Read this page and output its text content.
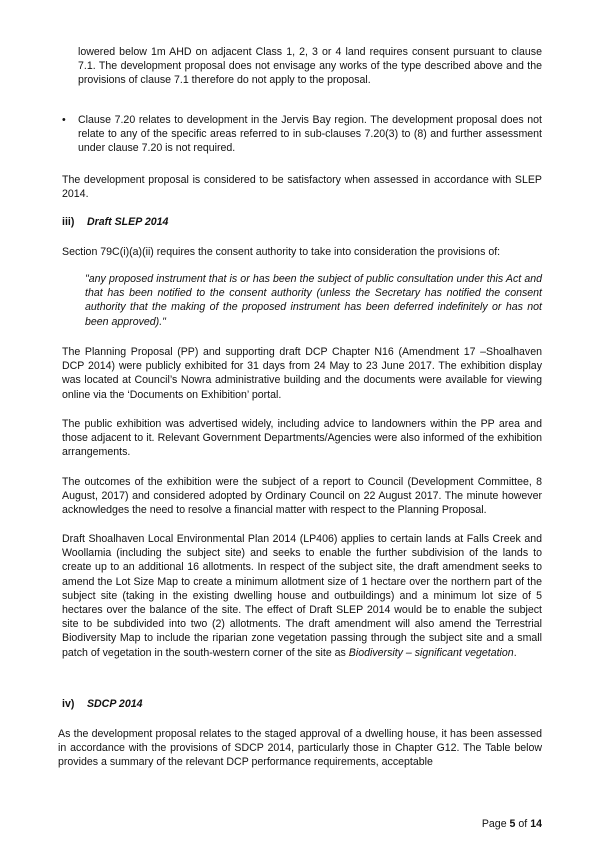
lowered below 1m AHD on adjacent Class 1, 2, 3 or 4 land requires consent pursuant to clause 7.1. The development proposal does not envisage any works of the type described above and the provisions of clause 7.1 therefore do not apply to the proposal.
•	Clause 7.20 relates to development in the Jervis Bay region. The development proposal does not relate to any of the specific areas referred to in sub-clauses 7.20(3) to (8) and further assessment under clause 7.20 is not required.
The development proposal is considered to be satisfactory when assessed in accordance with SLEP 2014.
iii) Draft SLEP 2014
Section 79C(i)(a)(ii) requires the consent authority to take into consideration the provisions of:
"any proposed instrument that is or has been the subject of public consultation under this Act and that has been notified to the consent authority (unless the Secretary has notified the consent authority that the making of the proposed instrument has been deferred indefinitely or has not been approved)."
The Planning Proposal (PP) and supporting draft DCP Chapter N16 (Amendment 17 –Shoalhaven DCP 2014) were publicly exhibited for 31 days from 24 May to 23 June 2017. The exhibition display was located at Council’s Nowra administrative building and the documents were available for viewing online via the ‘Documents on Exhibition’ portal.
The public exhibition was advertised widely, including advice to landowners within the PP area and those adjacent to it. Relevant Government Departments/Agencies were also informed of the exhibition arrangements.
The outcomes of the exhibition were the subject of a report to Council (Development Committee, 8 August, 2017) and considered adopted by Ordinary Council on 22 August 2017. The minute however acknowledges the need to resolve a financial matter with respect to the Planning Proposal.
Draft Shoalhaven Local Environmental Plan 2014 (LP406) applies to certain lands at Falls Creek and Woollamia (including the subject site) and seeks to enable the further subdivision of the lands to create up to an additional 16 allotments. In respect of the subject site, the draft amendment seeks to amend the Lot Size Map to create a minimum allotment size of 1 hectare over the northern part of the subject site (taking in the existing dwelling house and outbuildings) and a minimum lot size of 5 hectares over the balance of the site. The effect of Draft SLEP 2014 would be to enable the subject site to be subdivided into two (2) allotments. The draft amendment will also amend the Terrestrial Biodiversity Map to include the riparian zone vegetation passing through the subject site and a small patch of vegetation in the south-western corner of the site as Biodiversity – significant vegetation.
iv) SDCP 2014
As the development proposal relates to the staged approval of a dwelling house, it has been assessed in accordance with the provisions of SDCP 2014, particularly those in Chapter G12. The Table below provides a summary of the relevant DCP performance requirements, acceptable
Page 5 of 14
